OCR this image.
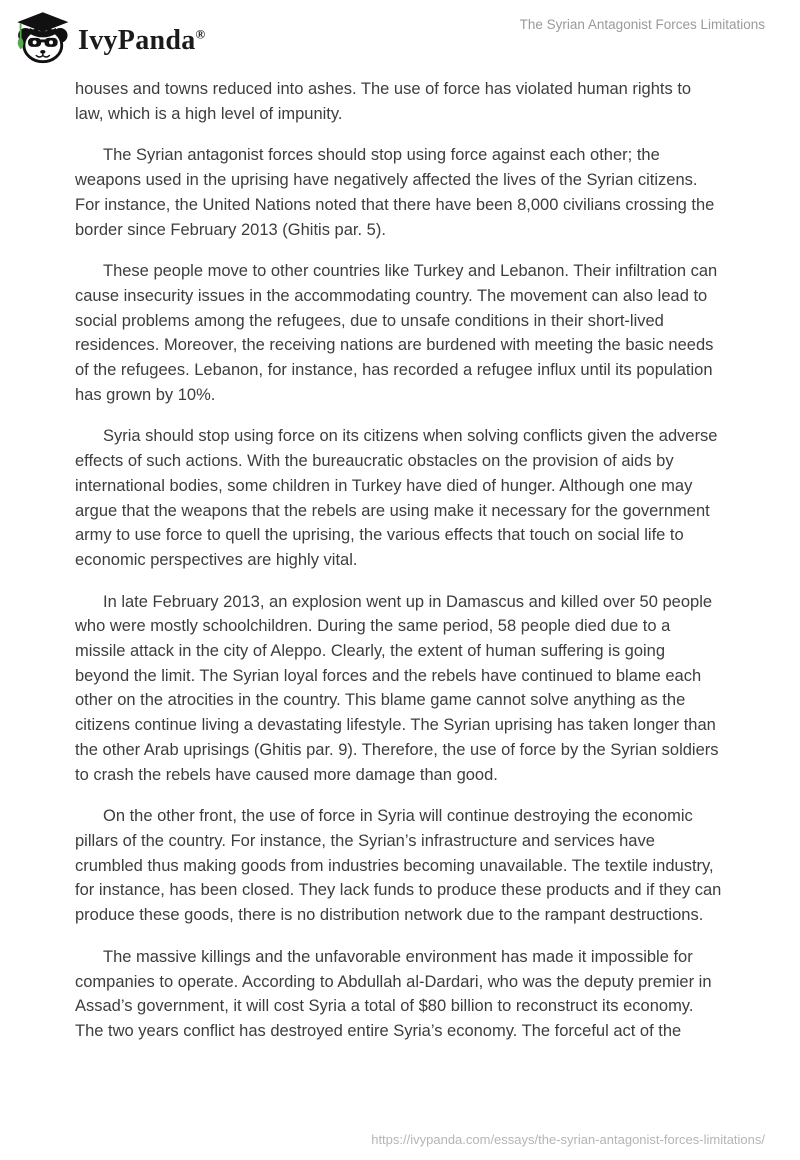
IvyPanda®
The Syrian Antagonist Forces Limitations

houses and towns reduced into ashes. The use of force has violated human rights to law, which is a high level of impunity.

The Syrian antagonist forces should stop using force against each other; the weapons used in the uprising have negatively affected the lives of the Syrian citizens. For instance, the United Nations noted that there have been 8,000 civilians crossing the border since February 2013 (Ghitis par. 5).

These people move to other countries like Turkey and Lebanon. Their infiltration can cause insecurity issues in the accommodating country. The movement can also lead to social problems among the refugees, due to unsafe conditions in their short-lived residences. Moreover, the receiving nations are burdened with meeting the basic needs of the refugees. Lebanon, for instance, has recorded a refugee influx until its population has grown by 10%.

Syria should stop using force on its citizens when solving conflicts given the adverse effects of such actions. With the bureaucratic obstacles on the provision of aids by international bodies, some children in Turkey have died of hunger. Although one may argue that the weapons that the rebels are using make it necessary for the government army to use force to quell the uprising, the various effects that touch on social life to economic perspectives are highly vital.

In late February 2013, an explosion went up in Damascus and killed over 50 people who were mostly schoolchildren. During the same period, 58 people died due to a missile attack in the city of Aleppo. Clearly, the extent of human suffering is going beyond the limit. The Syrian loyal forces and the rebels have continued to blame each other on the atrocities in the country. This blame game cannot solve anything as the citizens continue living a devastating lifestyle. The Syrian uprising has taken longer than the other Arab uprisings (Ghitis par. 9). Therefore, the use of force by the Syrian soldiers to crash the rebels have caused more damage than good.

On the other front, the use of force in Syria will continue destroying the economic pillars of the country. For instance, the Syrian’s infrastructure and services have crumbled thus making goods from industries becoming unavailable. The textile industry, for instance, has been closed. They lack funds to produce these products and if they can produce these goods, there is no distribution network due to the rampant destructions.

The massive killings and the unfavorable environment has made it impossible for companies to operate. According to Abdullah al-Dardari, who was the deputy premier in Assad’s government, it will cost Syria a total of $80 billion to reconstruct its economy. The two years conflict has destroyed entire Syria’s economy. The forceful act of the

https://ivypanda.com/essays/the-syrian-antagonist-forces-limitations/
